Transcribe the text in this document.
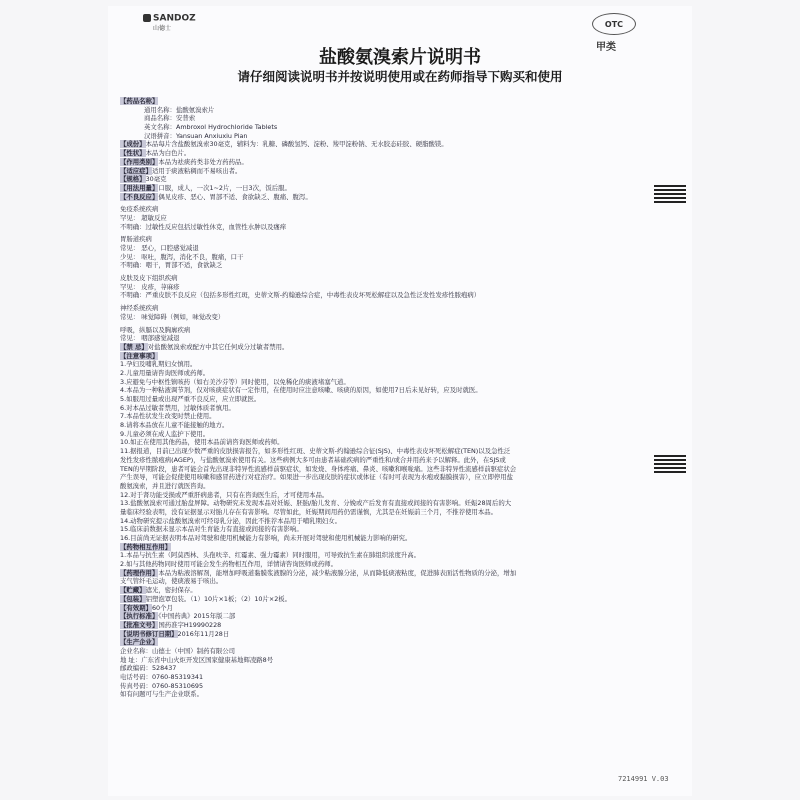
SANDOZ
山德士	OTC
甲类
盐酸氨溴索片说明书
请仔细阅读说明书并按说明使用或在药师指导下购买和使用
【药品名称】
通用名称：盐酸氨溴索片
商品名称：安普索
英文名称：Ambroxol Hydrochloride Tablets
汉语拼音：Yansuan Anxiuxiu Pian
【成份】本品每片含盐酸氨溴索30毫克，辅料为：乳糖、磷酸氢钙、淀粉、羧甲淀粉钠、无水胶态硅胶、硬脂酸镁。
【性状】本品为白色片。
【作用类别】本品为祛痰药类非处方药药品。
【适应症】适用于痰液粘稠而不易咳出者。
【规格】30毫克
【用法用量】口服，成人，一次1~2片，一日3次，饭后服。
【不良反应】偶见皮疹、恶心、胃部不适、食欲缺乏、腹痛、腹泻。
免疫系统疾病
罕见： 超敏反应
不明确：过敏性反应包括过敏性休克，血管性水肿以及瘙痒
胃肠道疾病
常见： 恶心，口腔感觉减退
少见： 呕吐，腹泻，消化不良，腹痛，口干
不明确：咽干，胃部不适，食欲缺乏
皮肤及皮下组织疾病
罕见： 皮疹，荨麻疹
不明确：严重皮肤不良反应（包括多形性红斑，史蒂文斯-约翰逊综合症，中毒性表皮坏死松解症以及急性泛发性发疹性脓疱病）
神经系统疾病
常见： 味觉障碍（例如，味觉改变）
呼吸，纵膈以及胸廓疾病
常见： 咽部感觉减退
【禁 忌】对盐酸氨溴索或配方中其它任何成分过敏者禁用。
【注意事项】
1.孕妇及哺乳期妇女慎用。
2.儿童用量请咨询医师或药师。
3.应避免与中枢性镇咳药（如右美沙芬等）同时使用，以免稀化的痰液堵塞气道。
4.本品为一种粘液调节剂，仅对咳痰症状有一定作用，在使用时应注意咳嗽、咳痰的原因，如使用7日后未见好转，应及时就医。
5.如服用过量或出现严重不良反应，应立即就医。
6.对本品过敏者禁用，过敏体质者慎用。
7.本品性状发生改变时禁止使用。
8.请将本品放在儿童不能接触的地方。
9.儿童必须在成人监护下使用。
10.如正在使用其他药品，使用本品前请咨询医师或药师。
11.据报道，目前已出现少数严重的皮肤损害报告，如多形性红斑、史蒂文斯-约翰逊综合征(SJS)、中毒性表皮坏死松解症(TEN)以及急性泛
发性发疹性脓疱病(AGEP)，与盐酸氨溴索使用有关。这些病例大多可由患者基础疾病的严重性和/或合并用药来予以解释。此外，在SJS或
TEN的早期阶段，患者可能会首先出现非特异性流感样前驱症状，如发烧、身体疼痛、鼻炎、咳嗽和喉咙痛。这些非特异性流感样前驱症状会
产生误导，可能会促使使用咳嗽和感冒药进行对症治疗。如果进一步出现皮肤的症状或体征（有时可表现为水疱或黏膜损害），应立即停用盐
酸氨溴索，并且进行就医咨询。
12.对于肾功能受损或严重肝病患者，只有在咨询医生后，才可使用本品。
13.盐酸氨溴索可通过胎盘屏障。动物研究未发现本品对妊娠、胚胎/胎儿发育、分娩或产后发育有直接或间接的有害影响。妊娠28周后的大
量临床经验表明，没有证据显示对胎儿存在有害影响。尽管如此，妊娠期间用药仍需谨慎，尤其是在妊娠前三个月，不推荐使用本品。
14.动物研究提示盐酸氨溴索可经母乳分泌，因此不推荐本品用于哺乳期妇女。
15.临床前数据未显示本品对生育能力有直接或间接的有害影响。
16.目前尚无证据表明本品对驾驶和使用机械能力有影响，尚未开展对驾驶和使用机械能力影响的研究。
【药物相互作用】
1.本品与抗生素（阿莫西林、头孢呋辛、红霉素、强力霉素）同时服用，可导致抗生素在肺组织浓度升高。
2.如与其他药物同时使用可能会发生药物相互作用，详情请咨询医师或药师。
【药理作用】本品为粘液溶解剂，能增加呼吸道黏膜浆液腺的分泌，减少粘液腺分泌，从而降低痰液粘度，促进肺表面活性物质的分泌，增加
支气管纤毛运动，使痰液易于咳出。
【贮藏】遮光，密封保存。
【包装】铝塑泡罩包装。（1）10片×1板；（2）10片×2板。
【有效期】60个月
【执行标准】《中国药典》2015年版二部
【批准文号】国药准字H19990228
【说明书修订日期】2016年11月28日
【生产企业】
企业名称：山德士（中国）制药有限公司
地 址：广东省中山火炬开发区国家健康基地辉凌路8号
邮政编码：528437
电话号码：0760-85319341
传真号码：0760-85310695
如有问题可与生产企业联系。
7214991 V.03
